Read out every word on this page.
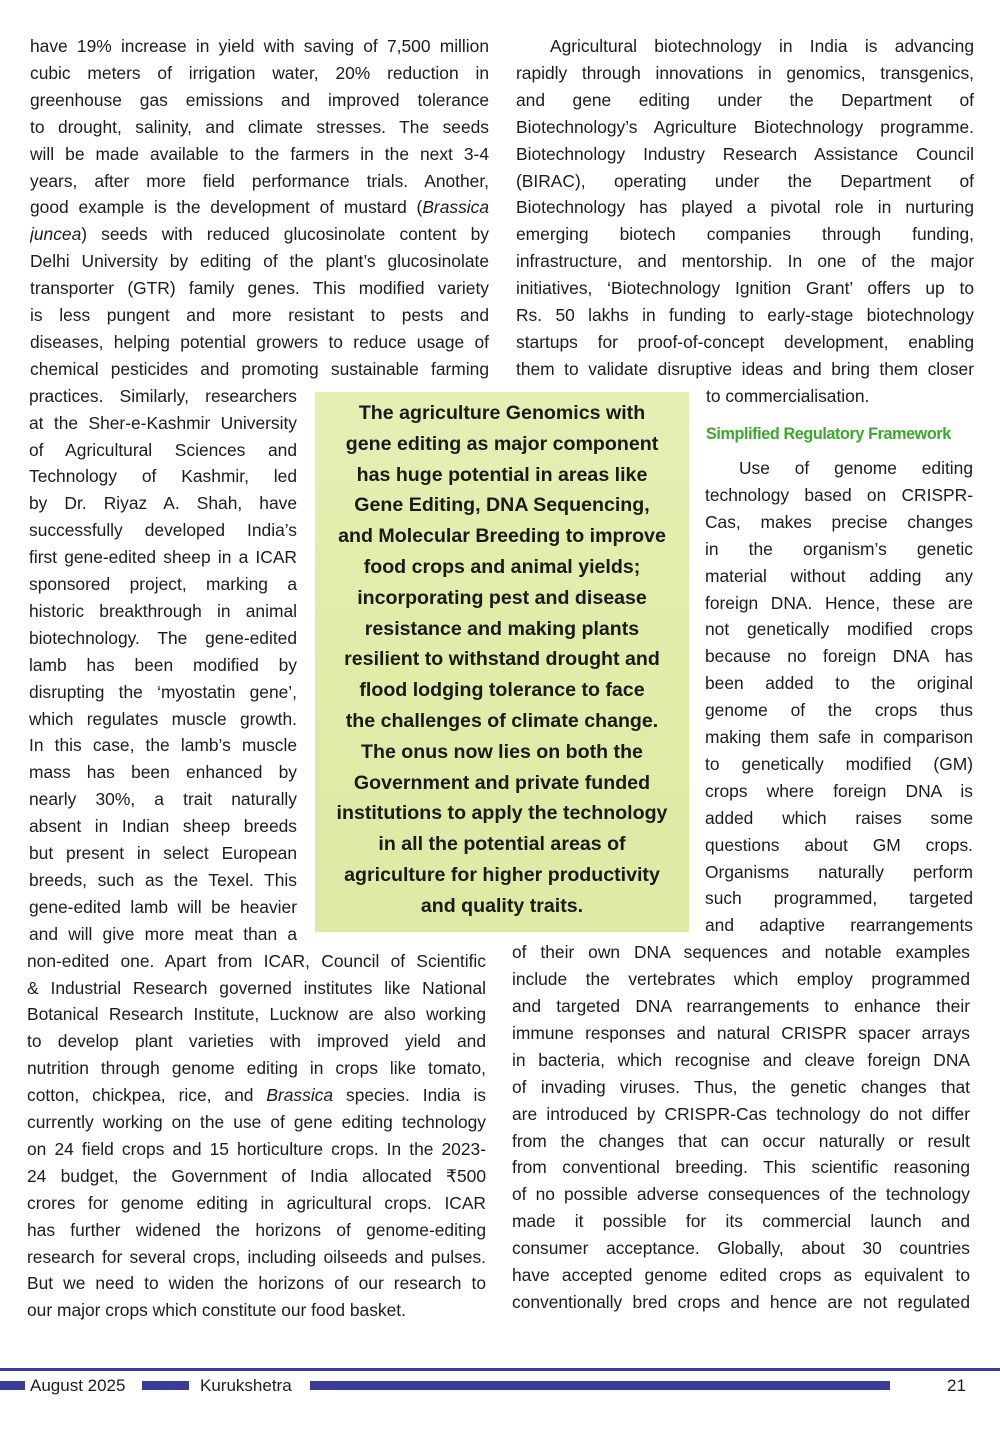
have 19% increase in yield with saving of 7,500 million
cubic meters of irrigation water, 20% reduction in
greenhouse gas emissions and improved tolerance
to drought, salinity, and climate stresses. The seeds
will be made available to the farmers in the next 3-4
years, after more field performance trials. Another,
good example is the development of mustard (Brassica
juncea) seeds with reduced glucosinolate content by
Delhi University by editing of the plant’s glucosinolate
transporter (GTR) family genes. This modified variety
is less pungent and more resistant to pests and
diseases, helping potential growers to reduce usage of
chemical pesticides and promoting sustainable farming
practices. Similarly, researchers
at the Sher-e-Kashmir University
of Agricultural Sciences and
Technology of Kashmir, led
by Dr. Riyaz A. Shah, have
successfully developed India’s
first gene-edited sheep in a ICAR
sponsored project, marking a
historic breakthrough in animal
biotechnology. The gene-edited
lamb has been modified by
disrupting the ‘myostatin gene’,
which regulates muscle growth.
In this case, the lamb’s muscle
mass has been enhanced by
nearly 30%, a trait naturally
absent in Indian sheep breeds
but present in select European
breeds, such as the Texel. This
gene-edited lamb will be heavier
and will give more meat than a
non-edited one. Apart from ICAR, Council of Scientific
& Industrial Research governed institutes like National
Botanical Research Institute, Lucknow are also working
to develop plant varieties with improved yield and
nutrition through genome editing in crops like tomato,
cotton, chickpea, rice, and Brassica species. India is
currently working on the use of gene editing technology
on 24 field crops and 15 horticulture crops. In the 2023-
24 budget, the Government of India allocated ₹500
crores for genome editing in agricultural crops. ICAR
has further widened the horizons of genome-editing
research for several crops, including oilseeds and pulses.
But we need to widen the horizons of our research to
our major crops which constitute our food basket.
Agricultural biotechnology in India is advancing
rapidly through innovations in genomics, transgenics,
and gene editing under the Department of
Biotechnology’s Agriculture Biotechnology programme.
Biotechnology Industry Research Assistance Council
(BIRAC), operating under the Department of
Biotechnology has played a pivotal role in nurturing
emerging biotech companies through funding,
infrastructure, and mentorship. In one of the major
initiatives, ‘Biotechnology Ignition Grant’ offers up to
Rs. 50 lakhs in funding to early-stage biotechnology
startups for proof-of-concept development, enabling
them to validate disruptive ideas and bring them closer
to commercialisation.
Use of genome editing
technology based on CRISPR-
Cas, makes precise changes
in the organism’s genetic
material without adding any
foreign DNA. Hence, these are
not genetically modified crops
because no foreign DNA has
been added to the original
genome of the crops thus
making them safe in comparison
to genetically modified (GM)
crops where foreign DNA is
added which raises some
questions about GM crops.
Organisms naturally perform
such programmed, targeted
and adaptive rearrangements
of their own DNA sequences and notable examples
include the vertebrates which employ programmed
and targeted DNA rearrangements to enhance their
immune responses and natural CRISPR spacer arrays
in bacteria, which recognise and cleave foreign DNA
of invading viruses. Thus, the genetic changes that
are introduced by CRISPR-Cas technology do not differ
from the changes that can occur naturally or result
from conventional breeding. This scientific reasoning
of no possible adverse consequences of the technology
made it possible for its commercial launch and
consumer acceptance. Globally, about 30 countries
have accepted genome edited crops as equivalent to
conventionally bred crops and hence are not regulated
Simplified Regulatory Framework
The agriculture Genomics with
gene editing as major component
has huge potential in areas like
Gene Editing, DNA Sequencing,
and Molecular Breeding to improve
food crops and animal yields;
incorporating pest and disease
resistance and making plants
resilient to withstand drought and
flood lodging tolerance to face
the challenges of climate change.
The onus now lies on both the
Government and private funded
institutions to apply the technology
in all the potential areas of
agriculture for higher productivity
and quality traits.
August 2025	Kurukshetra	21
